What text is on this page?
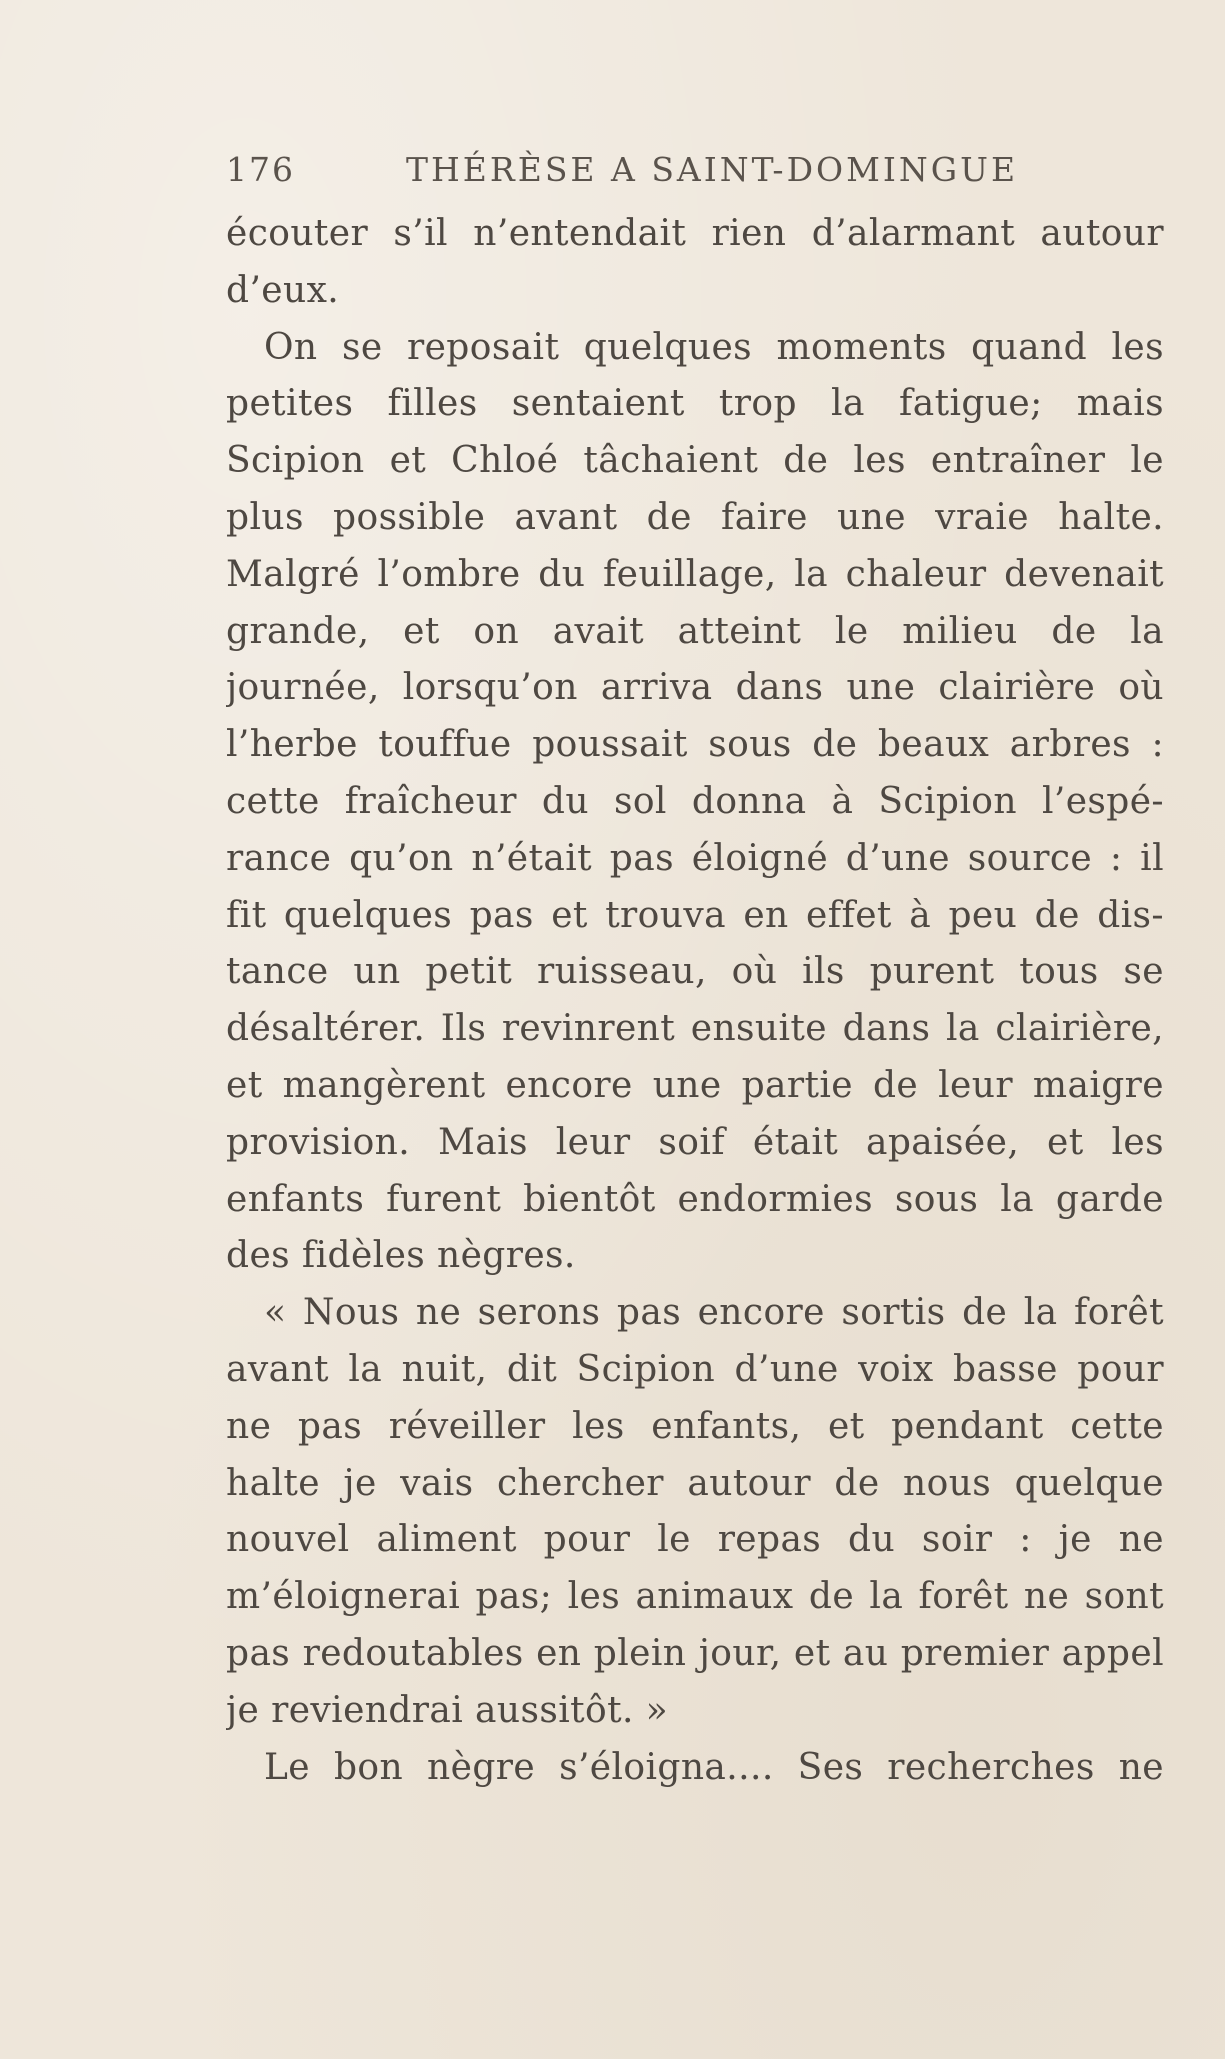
176	THÉRÈSE A SAINT-DOMINGUE
écouter s’il n’entendait rien d’alarmant autour
d’eux.
On se reposait quelques moments quand les
petites filles sentaient trop la fatigue; mais
Scipion et Chloé tâchaient de les entraîner le
plus possible avant de faire une vraie halte.
Malgré l’ombre du feuillage, la chaleur devenait
grande, et on avait atteint le milieu de la
journée, lorsqu’on arriva dans une clairière où
l’herbe touffue poussait sous de beaux arbres :
cette fraîcheur du sol donna à Scipion l’espé-
rance qu’on n’était pas éloigné d’une source : il
fit quelques pas et trouva en effet à peu de dis-
tance un petit ruisseau, où ils purent tous se
désaltérer. Ils revinrent ensuite dans la clairière,
et mangèrent encore une partie de leur maigre
provision. Mais leur soif était apaisée, et les
enfants furent bientôt endormies sous la garde
des fidèles nègres.
« Nous ne serons pas encore sortis de la forêt
avant la nuit, dit Scipion d’une voix basse pour
ne pas réveiller les enfants, et pendant cette
halte je vais chercher autour de nous quelque
nouvel aliment pour le repas du soir : je ne
m’éloignerai pas; les animaux de la forêt ne sont
pas redoutables en plein jour, et au premier appel
je reviendrai aussitôt. »
Le bon nègre s’éloigna.... Ses recherches ne
